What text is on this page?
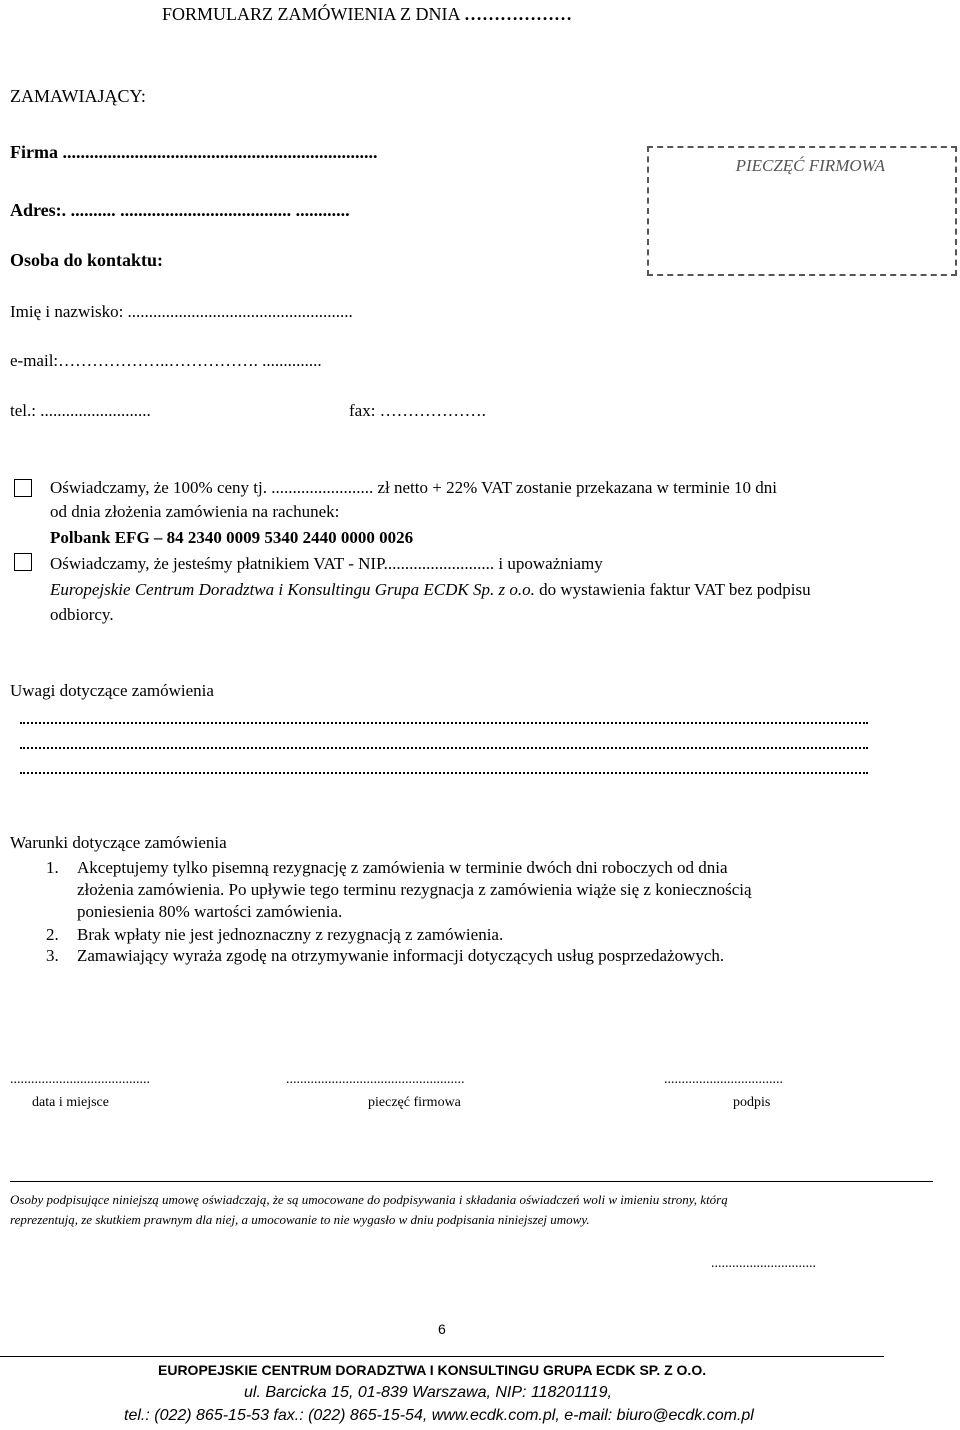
FORMULARZ ZAMÓWIENIA Z DNIA ………………
ZAMAWIAJĄCY:
Firma ......................................................................
Adres:. .......... ...................................... ............
Osoba do kontaktu:
Imię i nazwisko: .....................................................
e-mail:………………..……………. ..............
tel.: ..........................	fax: ……………….
PIECZĘĆ FIRMOWA
Oświadczamy, że 100% ceny tj. ........................ zł netto + 22% VAT zostanie przekazana w terminie 10 dni
od dnia złożenia zamówienia na rachunek:
Polbank EFG – 84 2340 0009 5340 2440 0000 0026
Oświadczamy, że jesteśmy płatnikiem VAT - NIP.......................... i upoważniamy
Europejskie Centrum Doradztwa i Konsultingu Grupa ECDK Sp. z o.o. do wystawienia faktur VAT bez podpisu
odbiorcy.
Uwagi dotyczące zamówienia
Warunki dotyczące zamówienia
1. Akceptujemy tylko pisemną rezygnację z zamówienia w terminie dwóch dni roboczych od dnia
złożenia zamówienia. Po upływie tego terminu rezygnacja z zamówienia wiąże się z koniecznością
poniesienia 80% wartości zamówienia.
2. Brak wpłaty nie jest jednoznaczny z rezygnacją z zamówienia.
3. Zamawiający wyraża zgodę na otrzymywanie informacji dotyczących usług posprzedażowych.
........................................	...................................................	..................................
data i miejsce	pieczęć firmowa	podpis
Osoby podpisujące niniejszą umowę oświadczają, że są umocowane do podpisywania i składania oświadczeń woli w imieniu strony, którą
reprezentują, ze skutkiem prawnym dla niej, a umocowanie to nie wygasło w dniu podpisania niniejszej umowy.
..............................
6
EUROPEJSKIE CENTRUM DORADZTWA I KONSULTINGU GRUPA ECDK SP. Z O.O.
ul. Barcicka 15, 01-839 Warszawa, NIP: 118201119,
tel.: (022) 865-15-53 fax.: (022) 865-15-54, www.ecdk.com.pl, e-mail: biuro@ecdk.com.pl
